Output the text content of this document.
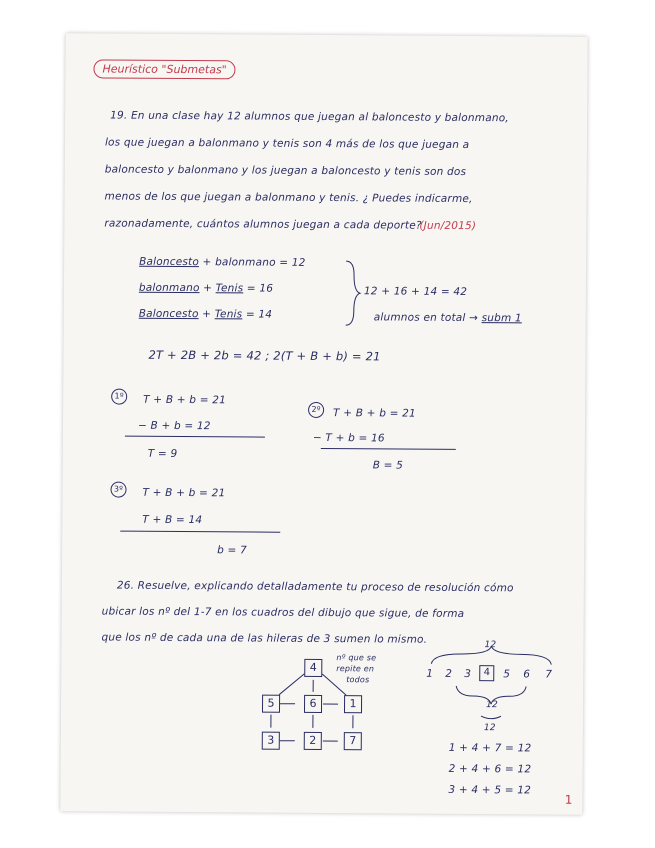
Heurístico "Submetas"
19. En una clase hay 12 alumnos que juegan al baloncesto y balonmano,
los que juegan a balonmano y tenis son 4 más de los que juegan a
baloncesto y balonmano y los juegan a baloncesto y tenis son dos
menos de los que juegan a balonmano y tenis. ¿ Puedes indicarme,
razonadamente, cuántos alumnos juegan a cada deporte?
(Jun/2015)
Baloncesto + balonmano = 12
balonmano + Tenis = 16
Baloncesto + Tenis = 14
12 + 16 + 14 = 42
alumnos en total → subm 1
2T + 2B + 2b = 42 ; 2(T + B + b) = 21
1º	T + B + b = 21
− B + b = 12
T = 9
2º	T + B + b = 21
− T + b = 16
B = 5
3º	T + B + b = 21
T + B = 14
b = 7
26. Resuelve, explicando detalladamente tu proceso de resolución cómo
ubicar los nº del 1-7 en los cuadros del dibujo que sigue, de forma
que los nº de cada una de las hileras de 3 sumen lo mismo.
4
5	6	1
3	2	7
nº que se
repite en
todos
12
1 2 3	4	5 6 7
12
12
1 + 4 + 7 = 12
2 + 4 + 6 = 12
3 + 4 + 5 = 12
1
